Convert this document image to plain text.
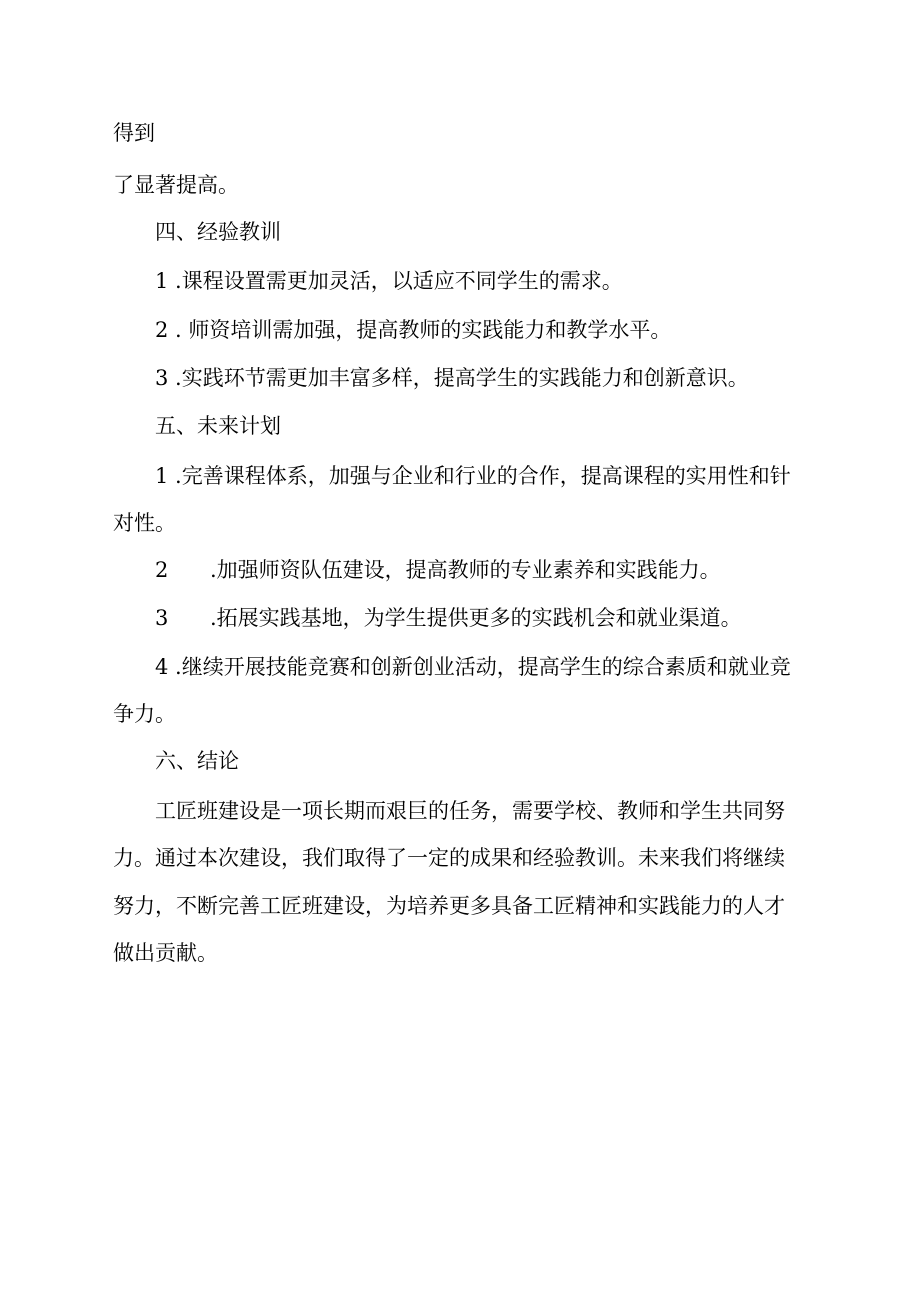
得到
了显著提高。
四、经验教训
1 .课程设置需更加灵活，以适应不同学生的需求。
2 . 师资培训需加强，提高教师的实践能力和教学水平。
3 .实践环节需更加丰富多样，提高学生的实践能力和创新意识。
五、未来计划
1 .完善课程体系，加强与企业和行业的合作，提高课程的实用性和针
对性。
2 .加强师资队伍建设，提高教师的专业素养和实践能力。
3 .拓展实践基地，为学生提供更多的实践机会和就业渠道。
4 .继续开展技能竞赛和创新创业活动，提高学生的综合素质和就业竞
争力。
六、结论
工匠班建设是一项长期而艰巨的任务，需要学校、教师和学生共同努
力。通过本次建设，我们取得了一定的成果和经验教训。未来我们将继续
努力，不断完善工匠班建设，为培养更多具备工匠精神和实践能力的人才
做出贡献。
